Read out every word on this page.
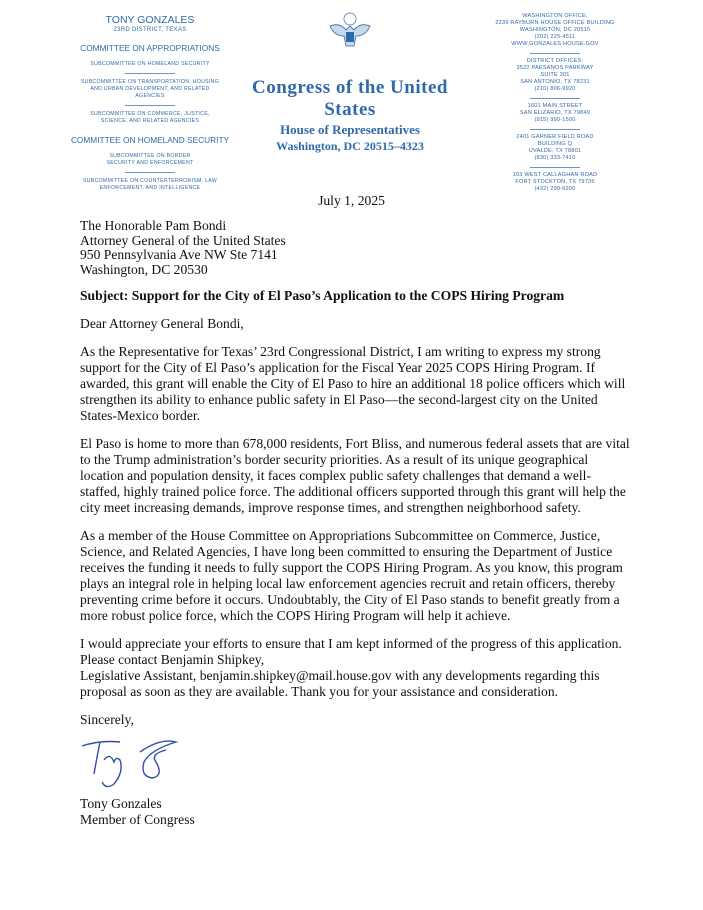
TONY GONZALES
23RD DISTRICT, TEXAS
COMMITTEE ON APPROPRIATIONS
SUBCOMMITTEE ON HOMELAND SECURITY
SUBCOMMITTEE ON TRANSPORTATION, HOUSING AND URBAN DEVELOPMENT, AND RELATED AGENCIES
SUBCOMMITTEE ON COMMERCE, JUSTICE, SCIENCE, AND RELATED AGENCIES
COMMITTEE ON HOMELAND SECURITY
SUBCOMMITTEE ON BORDER SECURITY AND ENFORCEMENT
SUBCOMMITTEE ON COUNTERTERRORISM, LAW ENFORCEMENT, AND INTELLIGENCE
Congress of the United States
House of Representatives
Washington, DC 20515–4323
WASHINGTON OFFICE:
2239 RAYBURN HOUSE OFFICE BUILDING
WASHINGTON, DC 20515
(202) 225-4511
WWW.GONZALES.HOUSE.GOV
DISTRICT OFFICES:
3522 PAESANOS PARKWAY
SUITE 301
SAN ANTONIO, TX 78231
(210) 806-9920
1601 MAIN STREET
SAN ELIZARIO, TX 79849
(915) 990-1500
2401 GARNER FIELD ROAD
BUILDING Q
UVALDE, TX 78801
(830) 333-7410
103 WEST CALLAGHAN ROAD
FORT STOCKTON, TX 79735
(432) 299-6200
July 1, 2025
The Honorable Pam Bondi
Attorney General of the United States
950 Pennsylvania Ave NW Ste 7141
Washington, DC 20530
Subject: Support for the City of El Paso’s Application to the COPS Hiring Program

Dear Attorney General Bondi,

As the Representative for Texas’ 23rd Congressional District, I am writing to express my strong support for the City of El Paso’s application for the Fiscal Year 2025 COPS Hiring Program. If awarded, this grant will enable the City of El Paso to hire an additional 18 police officers which will strengthen its ability to enhance public safety in El Paso—the second-largest city on the United States-Mexico border.

El Paso is home to more than 678,000 residents, Fort Bliss, and numerous federal assets that are vital to the Trump administration’s border security priorities. As a result of its unique geographical location and population density, it faces complex public safety challenges that demand a well-staffed, highly trained police force. The additional officers supported through this grant will help the city meet increasing demands, improve response times, and strengthen neighborhood safety.

As a member of the House Committee on Appropriations Subcommittee on Commerce, Justice, Science, and Related Agencies, I have long been committed to ensuring the Department of Justice receives the funding it needs to fully support the COPS Hiring Program. As you know, this program plays an integral role in helping local law enforcement agencies recruit and retain officers, thereby preventing crime before it occurs. Undoubtably, the City of El Paso stands to benefit greatly from a more robust police force, which the COPS Hiring Program will help it achieve.

I would appreciate your efforts to ensure that I am kept informed of the progress of this application.
Please contact Benjamin Shipkey,
Legislative Assistant, benjamin.shipkey@mail.house.gov with any developments regarding this proposal as soon as they are available. Thank you for your assistance and consideration.

Sincerely,

Tony Gonzales
Member of Congress
